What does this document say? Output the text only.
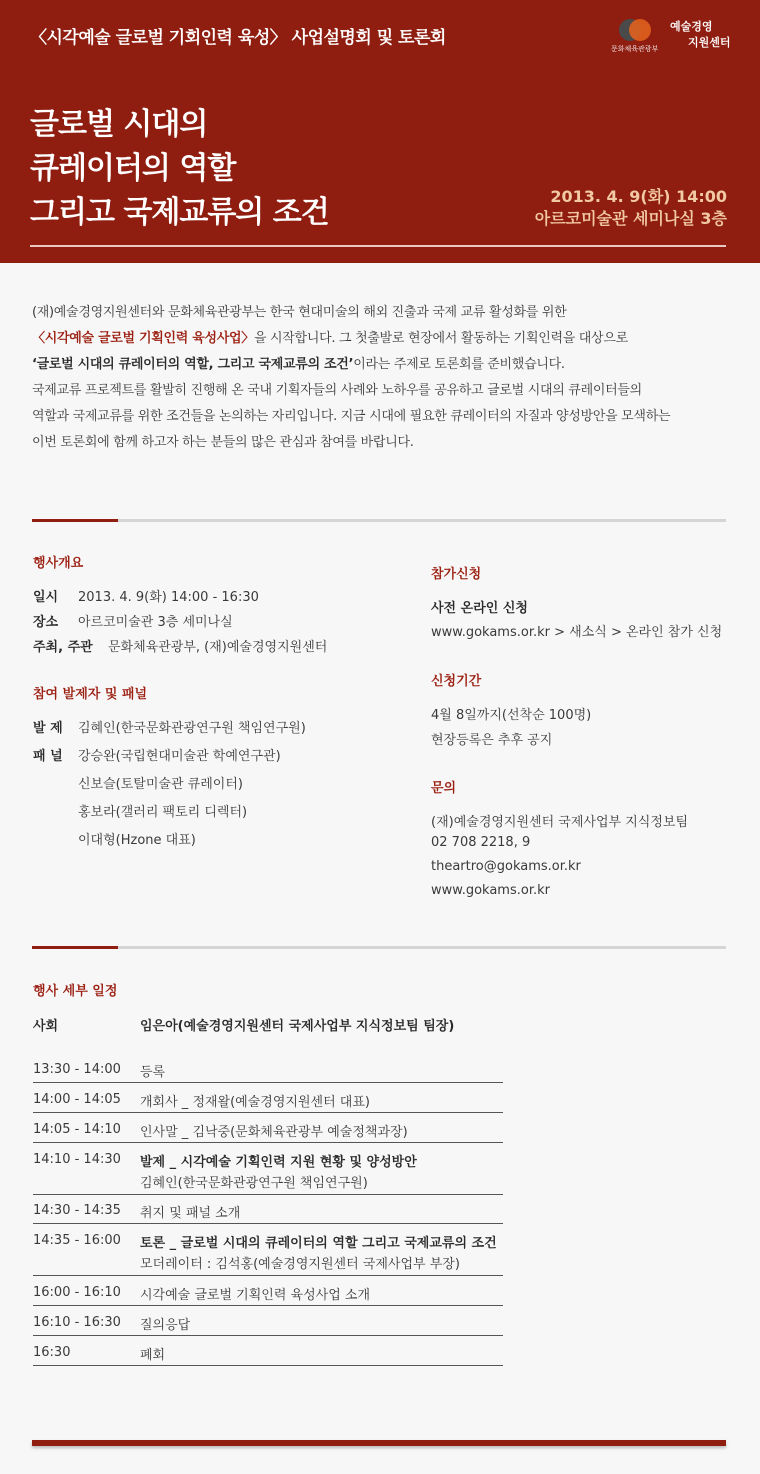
〈시각예술 글로벌 기회인력 육성〉 사업설명회 및 토론회
문화체육관광부
예술경영
지원센터
글로벌 시대의
큐레이터의 역할
그리고 국제교류의 조건	2013. 4. 9(화) 14:00
아르코미술관 세미나실 3층
(재)예술경영지원센터와 문화체육관광부는 한국 현대미술의 해외 진출과 국제 교류 활성화를 위한
〈시각예술 글로벌 기획인력 육성사업〉을 시작합니다. 그 첫출발로 현장에서 활동하는 기획인력을 대상으로
‘글로벌 시대의 큐레이터의 역할, 그리고 국제교류의 조건’이라는 주제로 토론회를 준비했습니다.
국제교류 프로젝트를 활발히 진행해 온 국내 기획자들의 사례와 노하우를 공유하고 글로벌 시대의 큐레이터들의
역할과 국제교류를 위한 조건들을 논의하는 자리입니다. 지금 시대에 필요한 큐레이터의 자질과 양성방안을 모색하는
이번 토론회에 함께 하고자 하는 분들의 많은 관심과 참여를 바랍니다.
행사개요
일시 2013. 4. 9(화) 14:00 - 16:30
장소 아르코미술관 3층 세미나실
주최, 주관 문화체육관광부, (재)예술경영지원센터
참여 발제자 및 패널
발 제 김혜인(한국문화관광연구원 책임연구원)
패 널 강승완(국립현대미술관 학예연구관)
신보슬(토탈미술관 큐레이터)
홍보라(갤러리 팩토리 디렉터)
이대형(Hzone 대표)
참가신청
사전 온라인 신청
www.gokams.or.kr > 새소식 > 온라인 참가 신청
신청기간
4월 8일까지(선착순 100명)
현장등록은 추후 공지
문의
(재)예술경영지원센터 국제사업부 지식정보팀
02 708 2218, 9
theartro@gokams.or.kr
www.gokams.or.kr
행사 세부 일정
사회	임은아(예술경영지원센터 국제사업부 지식정보팀 팀장)
13:30 - 14:00 등록
14:00 - 14:05 개회사 _ 정재왈(예술경영지원센터 대표)
14:05 - 14:10 인사말 _ 김낙중(문화체육관광부 예술정책과장)
14:10 - 14:30 발제 _ 시각예술 기획인력 지원 현황 및 양성방안
김혜인(한국문화관광연구원 책임연구원)
14:30 - 14:35 취지 및 패널 소개
14:35 - 16:00 토론 _ 글로벌 시대의 큐레이터의 역할 그리고 국제교류의 조건
모더레이터 : 김석홍(예술경영지원센터 국제사업부 부장)
16:00 - 16:10 시각예술 글로벌 기획인력 육성사업 소개
16:10 - 16:30 질의응답
16:30	폐회
